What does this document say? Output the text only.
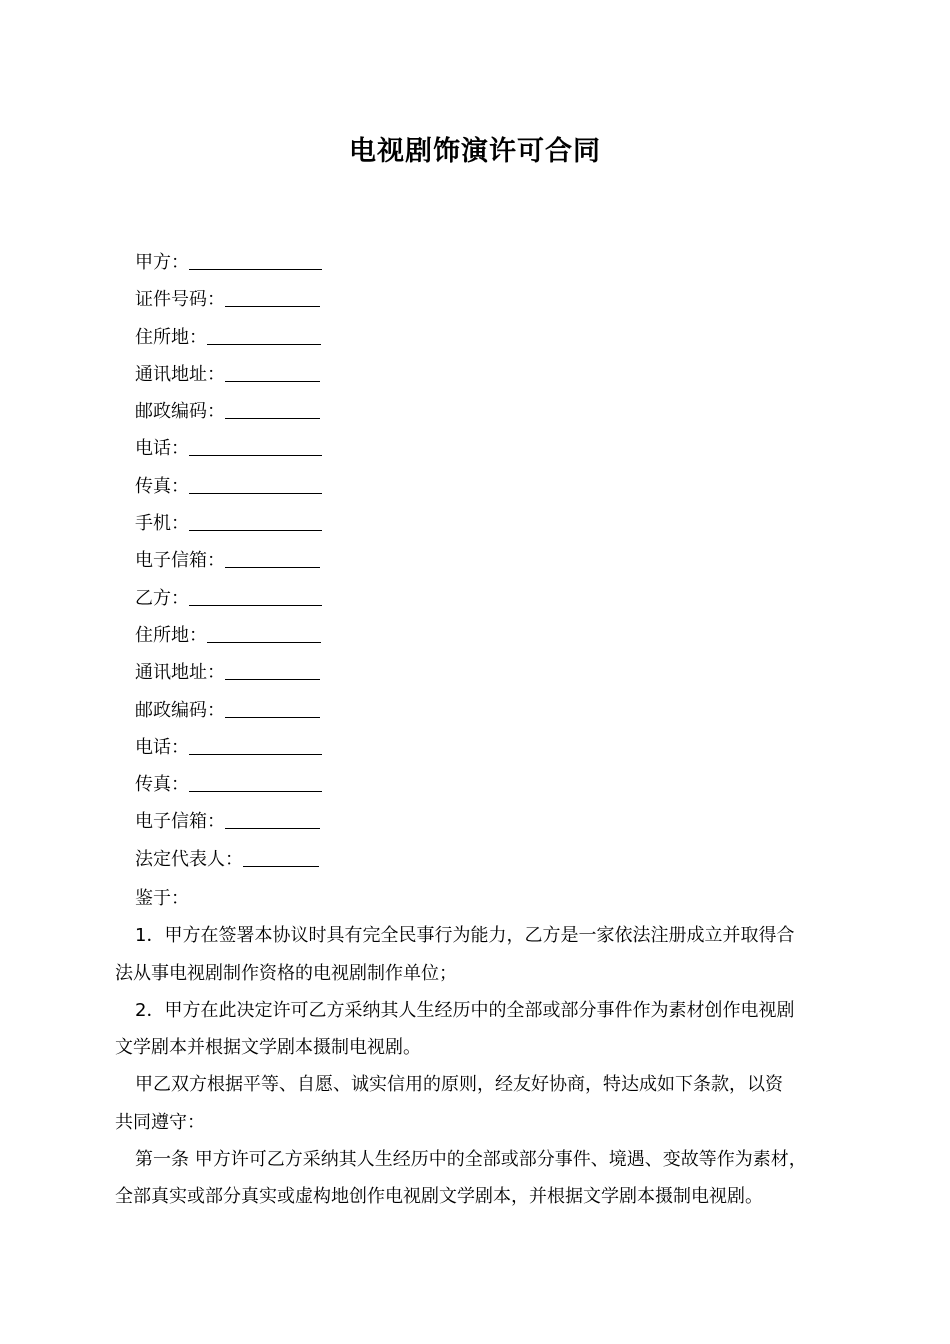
电视剧饰演许可合同
甲方：
证件号码：
住所地：
通讯地址：
邮政编码：
电话：
传真：
手机：
电子信箱：
乙方：
住所地：
通讯地址：
邮政编码：
电话：
传真：
电子信箱：
法定代表人：
鉴于：
1．甲方在签署本协议时具有完全民事行为能力，乙方是一家依法注册成立并取得合
法从事电视剧制作资格的电视剧制作单位；
2．甲方在此决定许可乙方采纳其人生经历中的全部或部分事件作为素材创作电视剧
文学剧本并根据文学剧本摄制电视剧。
甲乙双方根据平等、自愿、诚实信用的原则，经友好协商，特达成如下条款，以资
共同遵守：
第一条 甲方许可乙方采纳其人生经历中的全部或部分事件、境遇、变故等作为素材，
全部真实或部分真实或虚构地创作电视剧文学剧本，并根据文学剧本摄制电视剧。
